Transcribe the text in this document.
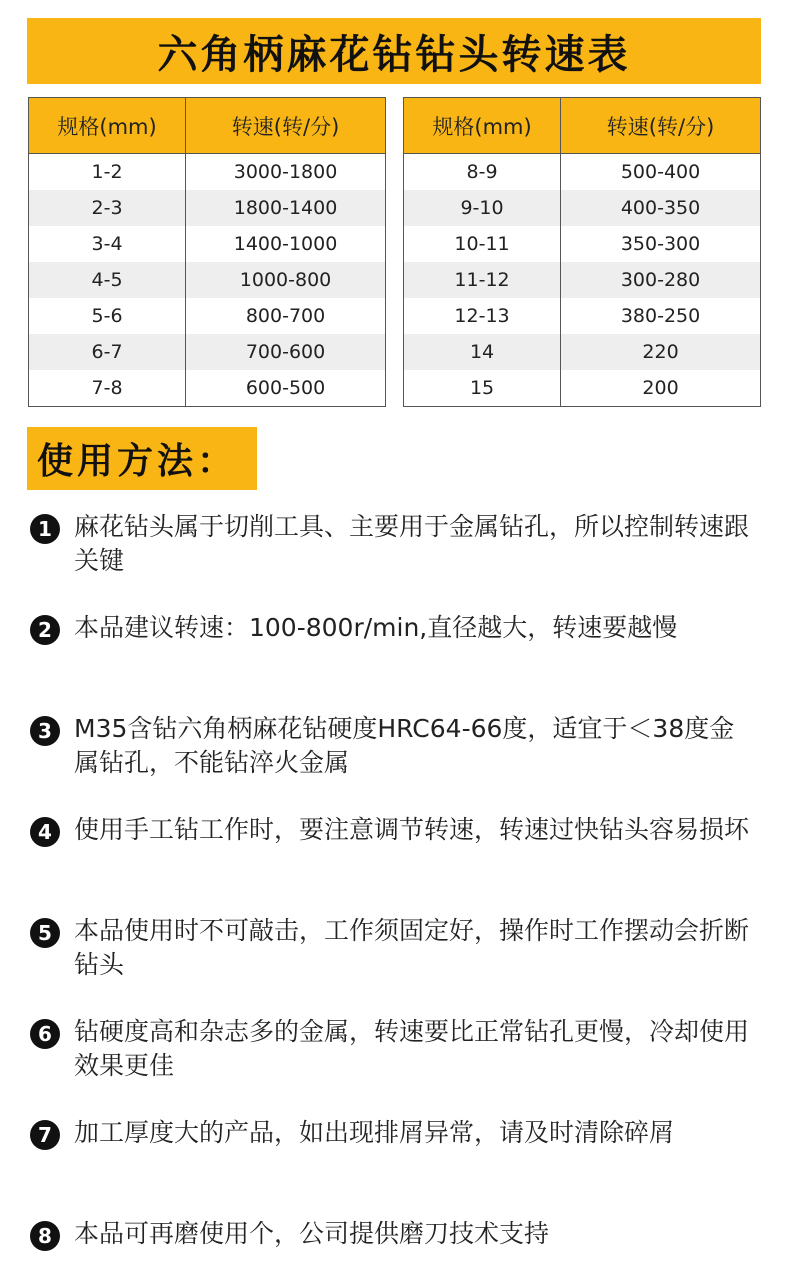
六角柄麻花钻钻头转速表
规格(mm)	转速(转/分)
1-2	3000-1800
2-3	1800-1400
3-4	1400-1000
4-5	1000-800
5-6	800-700
6-7	700-600
7-8	600-500
规格(mm)	转速(转/分)
8-9	500-400
9-10	400-350
10-11	350-300
11-12	300-280
12-13	380-250
14	220
15	200
使用方法：
1 麻花钻头属于切削工具、主要用于金属钻孔，所以控制转速跟关键
2 本品建议转速：100-800r/min,直径越大，转速要越慢
3 M35含钻六角柄麻花钻硬度HRC64-66度，适宜于＜38度金属钻孔，不能钻淬火金属
4 使用手工钻工作时，要注意调节转速，转速过快钻头容易损坏
5 本品使用时不可敲击，工作须固定好，操作时工作摆动会折断钻头
6 钻硬度高和杂志多的金属，转速要比正常钻孔更慢，冷却使用效果更佳
7 加工厚度大的产品，如出现排屑异常，请及时清除碎屑
8 本品可再磨使用个，公司提供磨刀技术支持
